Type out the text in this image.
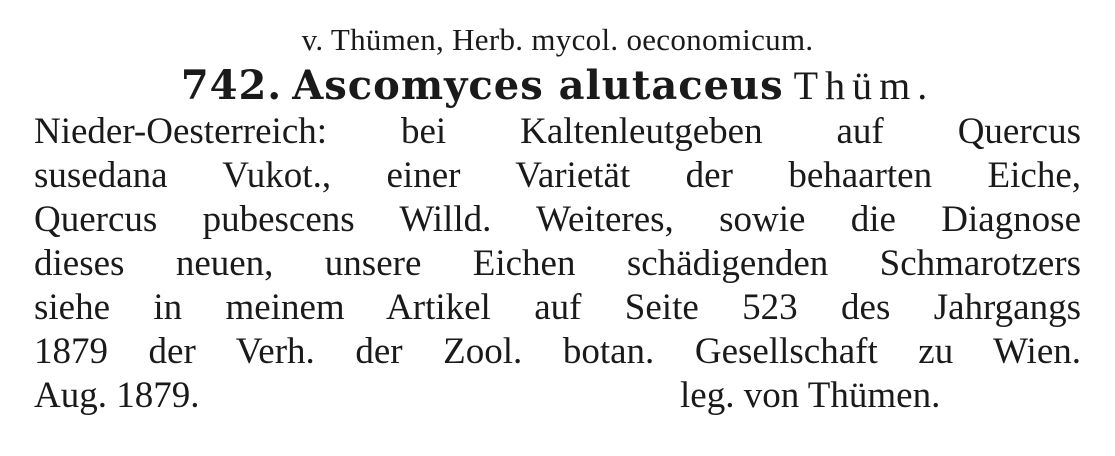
v. Thümen, Herb. mycol. oeconomicum.
742. Ascomyces alutaceus Thüm.
Nieder-Oesterreich: bei Kaltenleutgeben auf Quercus
susedana Vukot., einer Varietät der behaarten Eiche,
Quercus pubescens Willd. Weiteres, sowie die Diagnose
dieses neuen, unsere Eichen schädigenden Schmarotzers
siehe in meinem Artikel auf Seite 523 des Jahrgangs
1879 der Verh. der Zool. botan. Gesellschaft zu Wien.
Aug. 1879.	leg. von Thümen.
